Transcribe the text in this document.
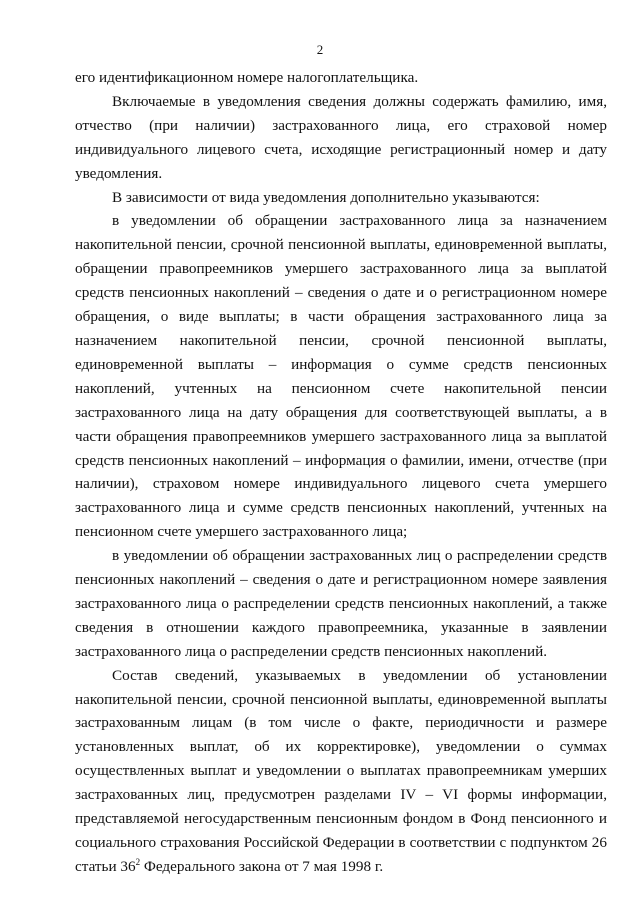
2

его идентификационном номере налогоплательщика.

Включаемые в уведомления сведения должны содержать фамилию, имя, отчество (при наличии) застрахованного лица, его страховой номер индивидуального лицевого счета, исходящие регистрационный номер и дату уведомления.

В зависимости от вида уведомления дополнительно указываются:

в уведомлении об обращении застрахованного лица за назначением накопительной пенсии, срочной пенсионной выплаты, единовременной выплаты, обращении правопреемников умершего застрахованного лица за выплатой средств пенсионных накоплений – сведения о дате и о регистрационном номере обращения, о виде выплаты; в части обращения застрахованного лица за назначением накопительной пенсии, срочной пенсионной выплаты, единовременной выплаты – информация о сумме средств пенсионных накоплений, учтенных на пенсионном счете накопительной пенсии застрахованного лица на дату обращения для соответствующей выплаты, а в части обращения правопреемников умершего застрахованного лица за выплатой средств пенсионных накоплений – информация о фамилии, имени, отчестве (при наличии), страховом номере индивидуального лицевого счета умершего застрахованного лица и сумме средств пенсионных накоплений, учтенных на пенсионном счете умершего застрахованного лица;

в уведомлении об обращении застрахованных лиц о распределении средств пенсионных накоплений – сведения о дате и регистрационном номере заявления застрахованного лица о распределении средств пенсионных накоплений, а также сведения в отношении каждого правопреемника, указанные в заявлении застрахованного лица о распределении средств пенсионных накоплений.

Состав сведений, указываемых в уведомлении об установлении накопительной пенсии, срочной пенсионной выплаты, единовременной выплаты застрахованным лицам (в том числе о факте, периодичности и размере установленных выплат, об их корректировке), уведомлении о суммах осуществленных выплат и уведомлении о выплатах правопреемникам умерших застрахованных лиц, предусмотрен разделами IV – VI формы информации, представляемой негосударственным пенсионным фондом в Фонд пенсионного и социального страхования Российской Федерации в соответствии с подпунктом 26 статьи $36^2$ Федерального закона от 7 мая 1998 г.
